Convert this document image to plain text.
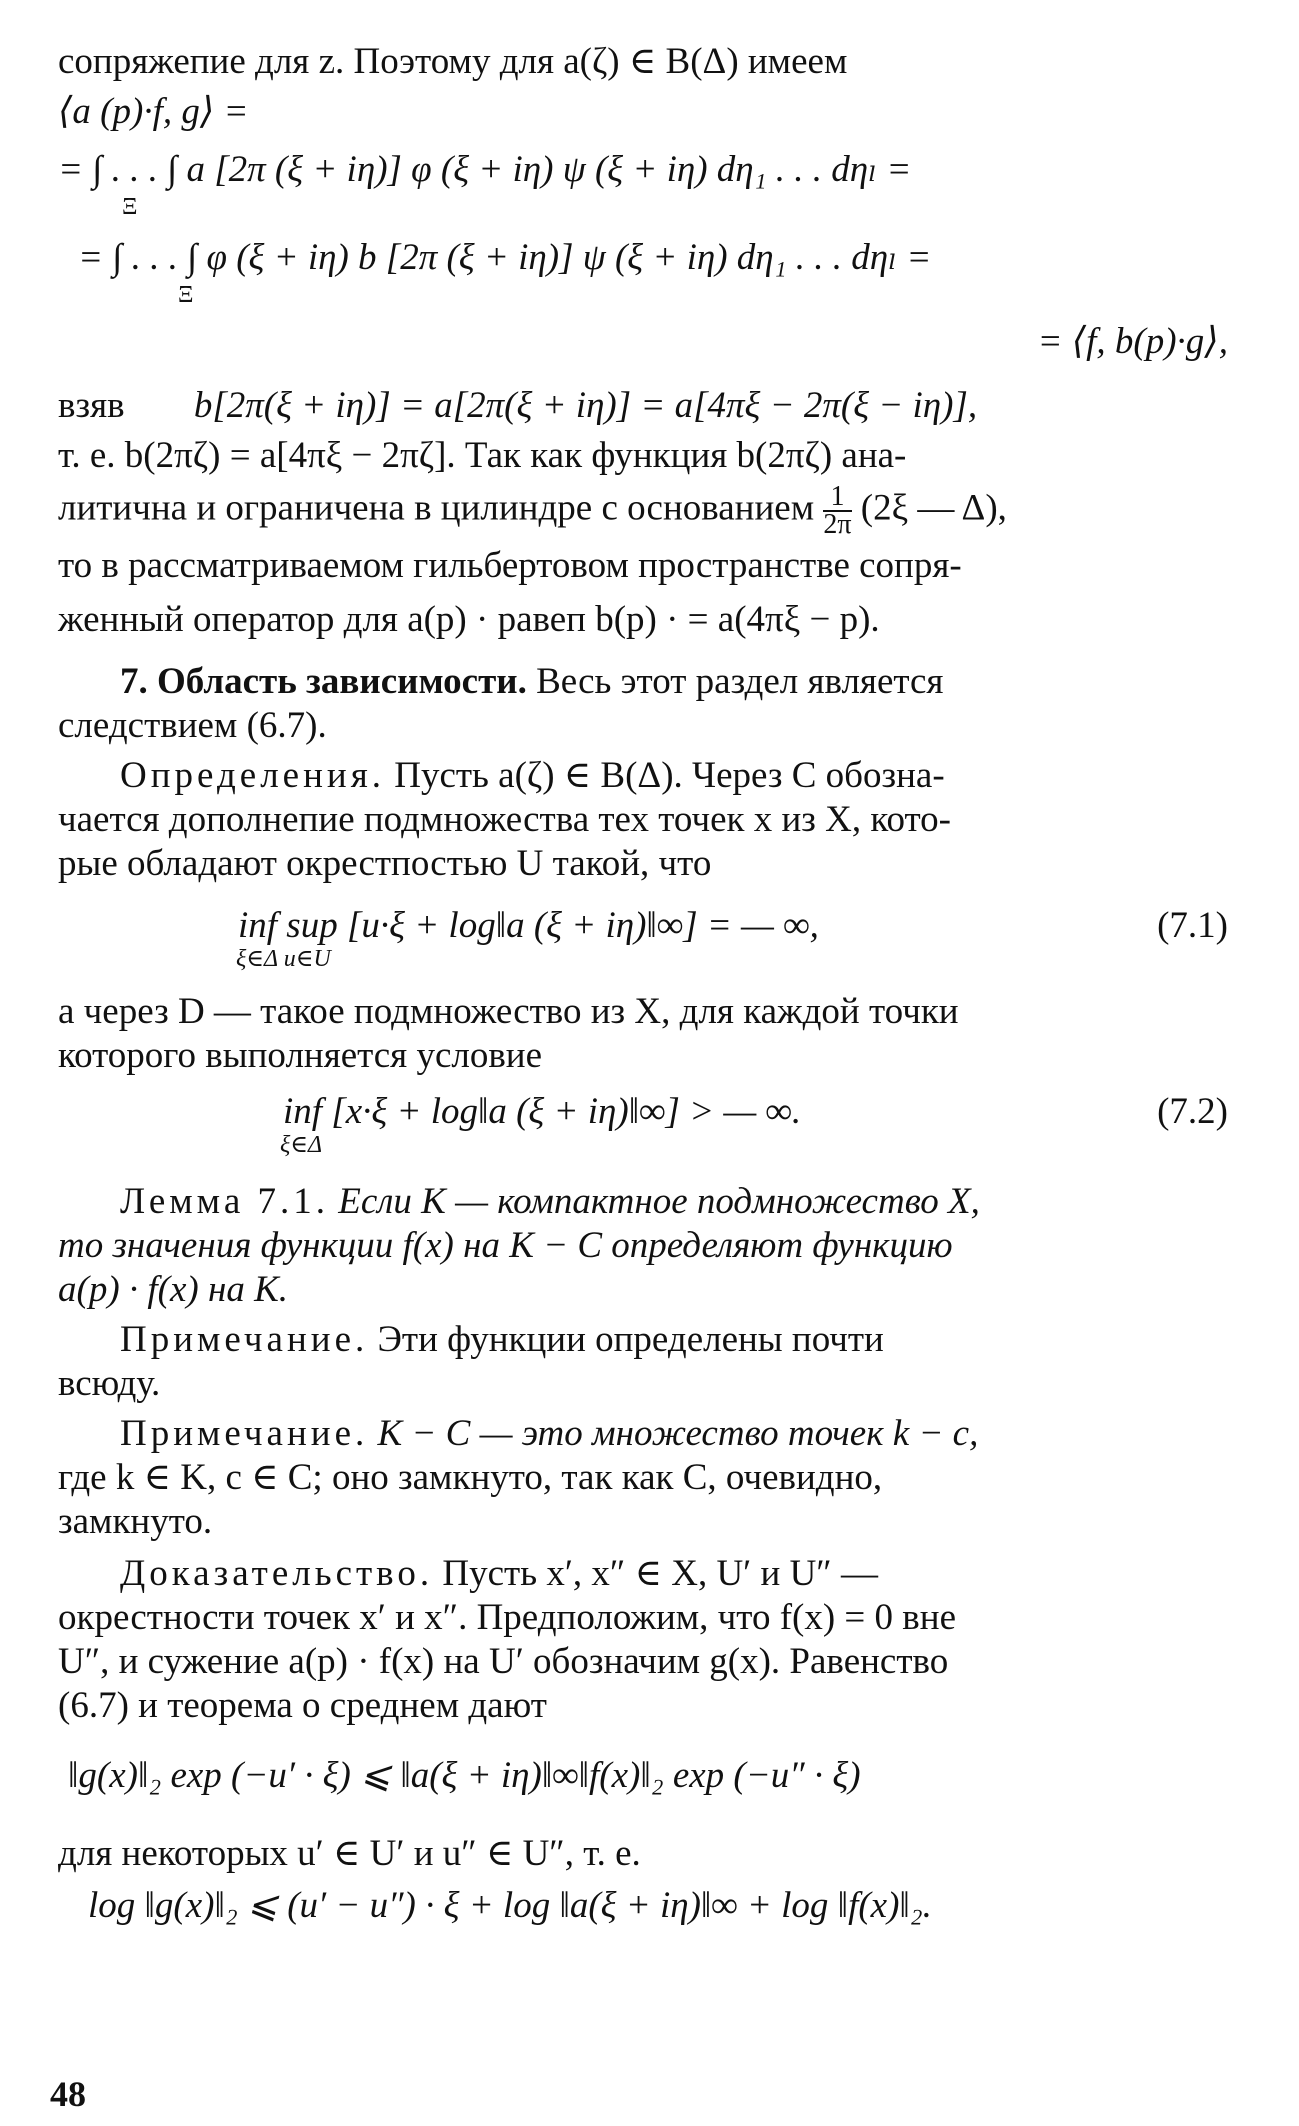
сопряжепие для z. Поэтому для a(ζ) ∈ B(Δ) имеем
⟨a (p)·f, g⟩ =
= ∫ . . . ∫ a [2π (ξ + iη)] φ (ξ + iη) ψ (ξ + iη) dη₁ . . . dηₗ =
Ξ
= ∫ . . . ∫ φ (ξ + iη) b [2π (ξ + iη)] ψ (ξ + iη) dη₁ . . . dηₗ =
Ξ
= ⟨f, b(p)·g⟩,
взяв b[2π(ξ + iη)] = a[2π(ξ + iη)] = a[4πξ − 2π(ξ − iη)],
т. е. b(2πζ) = a[4πξ − 2πζ]. Так как функция b(2πζ) ана-
литична и ограничена в цилиндре с основанием $\frac{1}{2\pi} (2\xi$ — Δ),
то в рассматриваемом гильбертовом пространстве сопря-
женный оператор для a(p) · равеп b(p) · = a(4πξ − p).
7. Область зависимости. Весь этот раздел является
следствием (6.7).
Определения. Пусть a(ζ) ∈ B(Δ). Через C обозна-
чается дополнепие подмножества тех точек x из X, кото-
рые обладают окрестпостью U такой, что
inf sup [u·ξ + log‖a (ξ + iη)‖∞] = — ∞,
ξ∈Δ u∈U
(7.1)
а через D — такое подмножество из X, для каждой точки
которого выполняется условие
inf [x·ξ + log‖a (ξ + iη)‖∞] > — ∞.
ξ∈Δ
(7.2)
Лемма 7.1. Если K — компактное подмножество X,
то значения функции f(x) на K − C определяют функцию
a(p) · f(x) на K.
Примечание. Эти функции определены почти
всюду.
Примечание. K − C — это множество точек k − c,
где k ∈ K, c ∈ C; оно замкнуто, так как C, очевидно,
замкнуто.
Доказательство. Пусть x′, x″ ∈ X, U′ и U″ —
окрестности точек x′ и x″. Предположим, что f(x) = 0 вне
U″, и сужение a(p) · f(x) на U′ обозначим g(x). Равенство
(6.7) и теорема о среднем дают
‖g(x)‖₂ exp (−u′ · ξ) ⩽ ‖a(ξ + iη)‖∞‖f(x)‖₂ exp (−u″ · ξ)
для некоторых u′ ∈ U′ и u″ ∈ U″, т. е.
log ‖g(x)‖₂ ⩽ (u′ − u″) · ξ + log ‖a(ξ + iη)‖∞ + log ‖f(x)‖₂.
48
